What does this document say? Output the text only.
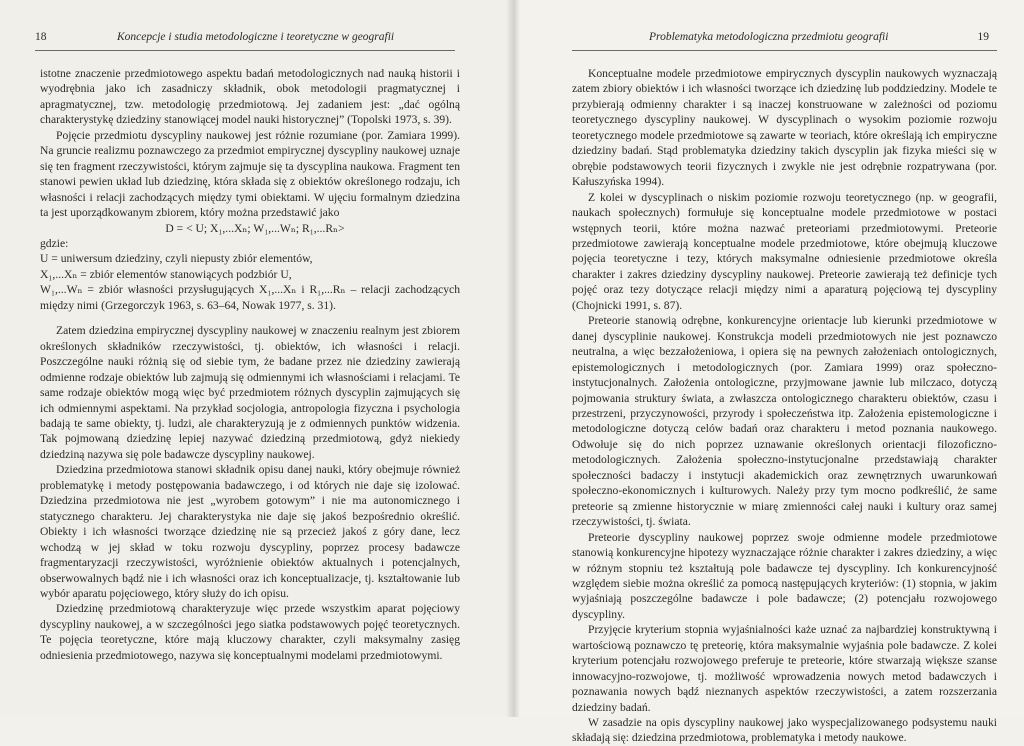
18	Koncepcje i studia metodologiczne i teoretyczne w geografii

istotne znaczenie przedmiotowego aspektu badań metodologicznych nad nauką historii i wyodrębnia jako ich zasadniczy składnik, obok metodologii pragmatycznej i apragmatycznej, tzw. metodologię przedmiotową. Jej zadaniem jest: „dać ogólną charakterystykę dziedziny stanowiącej model nauki historycznej” (Topolski 1973, s. 39).

Pojęcie przedmiotu dyscypliny naukowej jest różnie rozumiane (por. Zamiara 1999). Na gruncie realizmu poznawczego za przedmiot empirycznej dyscypliny naukowej uznaje się ten fragment rzeczywistości, którym zajmuje się ta dyscyplina naukowa. Fragment ten stanowi pewien układ lub dziedzinę, która składa się z obiektów określonego rodzaju, ich własności i relacji zachodzących między tymi obiektami. W ujęciu formalnym dziedzina ta jest uporządkowanym zbiorem, który można przedstawić jako

D = < U; X₁,...Xₙ; W₁,...Wₙ; R₁,...Rₙ>

gdzie:

U = uniwersum dziedziny, czyli niepusty zbiór elementów,

X₁,...Xₙ = zbiór elementów stanowiących podzbiór U,

W₁,...Wₙ = zbiór własności przysługujących X₁,...Xₙ i R₁,...Rₙ – relacji zachodzących między nimi (Grzegorczyk 1963, s. 63–64, Nowak 1977, s. 31).

Zatem dziedzina empirycznej dyscypliny naukowej w znaczeniu realnym jest zbiorem określonych składników rzeczywistości, tj. obiektów, ich własności i relacji. Poszczególne nauki różnią się od siebie tym, że badane przez nie dziedziny zawierają odmienne rodzaje obiektów lub zajmują się odmiennymi ich własnościami i relacjami. Te same rodzaje obiektów mogą więc być przedmiotem różnych dyscyplin zajmujących się ich odmiennymi aspektami. Na przykład socjologia, antropologia fizyczna i psychologia badają te same obiekty, tj. ludzi, ale charakteryzują je z odmiennych punktów widzenia. Tak pojmowaną dziedzinę lepiej nazywać dziedziną przedmiotową, gdyż niekiedy dziedziną nazywa się pole badawcze dyscypliny naukowej.

Dziedzina przedmiotowa stanowi składnik opisu danej nauki, który obejmuje również problematykę i metody postępowania badawczego, i od których nie daje się izolować. Dziedzina przedmiotowa nie jest „wyrobem gotowym” i nie ma autonomicznego i statycznego charakteru. Jej charakterystyka nie daje się jakoś bezpośrednio określić. Obiekty i ich własności tworzące dziedzinę nie są przecież jakoś z góry dane, lecz wchodzą w jej skład w toku rozwoju dyscypliny, poprzez procesy badawcze fragmentaryzacji rzeczywistości, wyróżnienie obiektów aktualnych i potencjalnych, obserwowalnych bądź nie i ich własności oraz ich konceptualizacje, tj. kształtowanie lub wybór aparatu pojęciowego, który służy do ich opisu.

Dziedzinę przedmiotową charakteryzuje więc przede wszystkim aparat pojęciowy dyscypliny naukowej, a w szczególności jego siatka podstawowych pojęć teoretycznych. Te pojęcia teoretyczne, które mają kluczowy charakter, czyli maksymalny zasięg odniesienia przedmiotowego, nazywa się konceptualnymi modelami przedmiotowymi.

Problematyka metodologiczna przedmiotu geografii	19

Konceptualne modele przedmiotowe empirycznych dyscyplin naukowych wyznaczają zatem zbiory obiektów i ich własności tworzące ich dziedzinę lub poddziedziny. Modele te przybierają odmienny charakter i są inaczej konstruowane w zależności od poziomu teoretycznego dyscypliny naukowej. W dyscyplinach o wysokim poziomie rozwoju teoretycznego modele przedmiotowe są zawarte w teoriach, które określają ich empiryczne dziedziny badań. Stąd problematyka dziedziny takich dyscyplin jak fizyka mieści się w obrębie podstawowych teorii fizycznych i zwykle nie jest odrębnie rozpatrywana (por. Kałuszyńska 1994).

Z kolei w dyscyplinach o niskim poziomie rozwoju teoretycznego (np. w geografii, naukach społecznych) formułuje się konceptualne modele przedmiotowe w postaci wstępnych teorii, które można nazwać preteoriami przedmiotowymi. Preteorie przedmiotowe zawierają konceptualne modele przedmiotowe, które obejmują kluczowe pojęcia teoretyczne i tezy, których maksymalne odniesienie przedmiotowe określa charakter i zakres dziedziny dyscypliny naukowej. Preteorie zawierają też definicje tych pojęć oraz tezy dotyczące relacji między nimi a aparaturą pojęciową tej dyscypliny (Chojnicki 1991, s. 87).

Preteorie stanowią odrębne, konkurencyjne orientacje lub kierunki przedmiotowe w danej dyscyplinie naukowej. Konstrukcja modeli przedmiotowych nie jest poznawczo neutralna, a więc bezzałożeniowa, i opiera się na pewnych założeniach ontologicznych, epistemologicznych i metodologicznych (por. Zamiara 1999) oraz społeczno-instytucjonalnych. Założenia ontologiczne, przyjmowane jawnie lub milczaco, dotyczą pojmowania struktury świata, a zwłaszcza ontologicznego charakteru obiektów, czasu i przestrzeni, przyczynowości, przyrody i społeczeństwa itp. Założenia epistemologiczne i metodologiczne dotyczą celów badań oraz charakteru i metod poznania naukowego. Odwołuje się do nich poprzez uznawanie określonych orientacji filozoficzno-metodologicznych. Założenia społeczno-instytucjonalne przedstawiają charakter społeczności badaczy i instytucji akademickich oraz zewnętrznych uwarunkowań społeczno-ekonomicznych i kulturowych. Należy przy tym mocno podkreślić, że same preteorie są zmienne historycznie w miarę zmienności całej nauki i kultury oraz samej rzeczywistości, tj. świata.

Preteorie dyscypliny naukowej poprzez swoje odmienne modele przedmiotowe stanowią konkurencyjne hipotezy wyznaczające różnie charakter i zakres dziedziny, a więc w różnym stopniu też kształtują pole badawcze tej dyscypliny. Ich konkurencyjność względem siebie można określić za pomocą następujących kryteriów: (1) stopnia, w jakim wyjaśniają poszczególne badawcze i pole badawcze; (2) potencjału rozwojowego dyscypliny.

Przyjęcie kryterium stopnia wyjaśnialności każe uznać za najbardziej konstruktywną i wartościową poznawczo tę preteorię, która maksymalnie wyjaśnia pole badawcze. Z kolei kryterium potencjału rozwojowego preferuje te preteorie, które stwarzają większe szanse innowacyjno-rozwojowe, tj. możliwość wprowadzenia nowych metod badawczych i poznawania nowych bądź nieznanych aspektów rzeczywistości, a zatem rozszerzania dziedziny badań.

W zasadzie na opis dyscypliny naukowej jako wyspecjalizowanego podsystemu nauki składają się: dziedzina przedmiotowa, problematyka i metody naukowe.
